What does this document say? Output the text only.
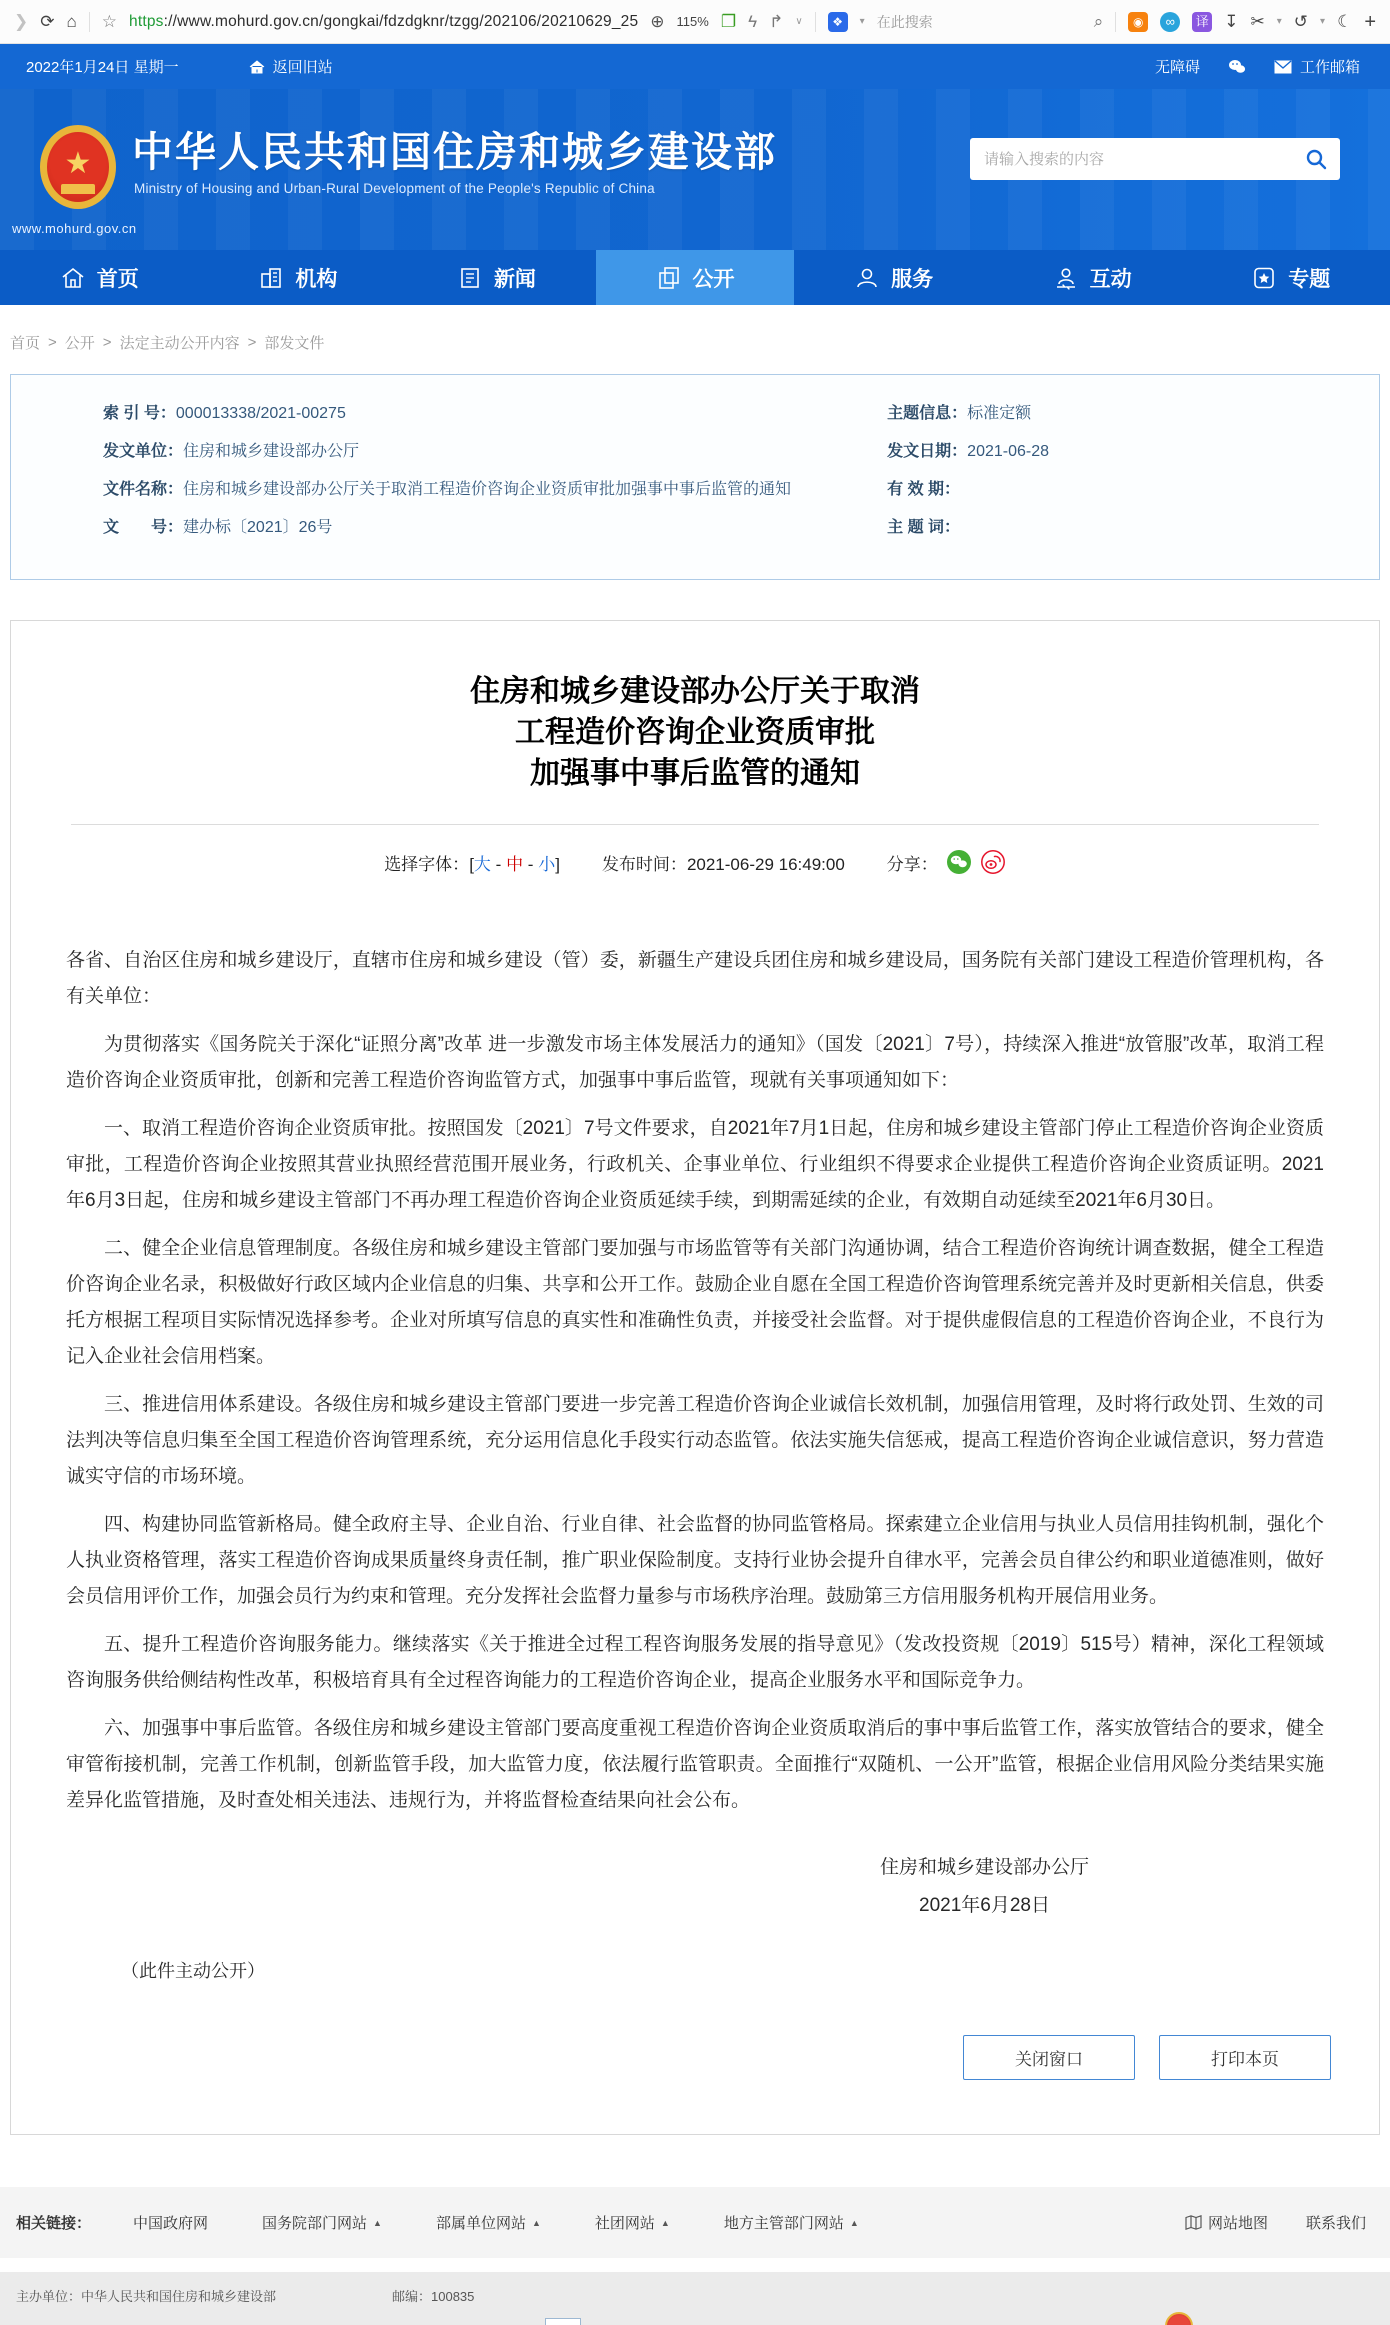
❯ ⟳ ⌂ ☆ https://www.mohurd.gov.cn/gongkai/fdzdgknr/tzgg/202106/20210629_25 ⊕ 115% ❐ ϟ ↱ ∨	❖	▾ 在此搜索	⌕	◉	∞	译 ↧ ✂ ▾ ↺ ▾ ☾ +
2022年1月24日 星期一	返回旧站	无障碍	工作邮箱
★
www.mohurd.gov.cn
中华人民共和国住房和城乡建设部
Ministry of Housing and Urban-Rural Development of the People's Republic of China
请输入搜索的内容
首页	机构	新闻	公开	服务	互动	专题
首页 > 公开 > 法定主动公开内容 > 部发文件
索 引 号：000013338/2021-00275
发文单位：住房和城乡建设部办公厅
文件名称：住房和城乡建设部办公厅关于取消工程造价咨询企业资质审批加强事中事后监管的通知
文　　号：建办标〔2021〕26号
主题信息：标准定额
发文日期：2021-06-28
有 效 期：
主 题 词：
住房和城乡建设部办公厅关于取消
工程造价咨询企业资质审批
加强事中事后监管的通知
选择字体：[大 - 中 - 小] 发布时间：2021-06-29 16:49:00 分享：

各省、自治区住房和城乡建设厅，直辖市住房和城乡建设（管）委，新疆生产建设兵团住房和城乡建设局，国务院有关部门建设工程造价管理机构，各有关单位：

为贯彻落实《国务院关于深化“证照分离”改革 进一步激发市场主体发展活力的通知》（国发〔2021〕7号），持续深入推进“放管服”改革，取消工程造价咨询企业资质审批，创新和完善工程造价咨询监管方式，加强事中事后监管，现就有关事项通知如下：

一、取消工程造价咨询企业资质审批。按照国发〔2021〕7号文件要求，自2021年7月1日起，住房和城乡建设主管部门停止工程造价咨询企业资质审批，工程造价咨询企业按照其营业执照经营范围开展业务，行政机关、企事业单位、行业组织不得要求企业提供工程造价咨询企业资质证明。2021年6月3日起，住房和城乡建设主管部门不再办理工程造价咨询企业资质延续手续，到期需延续的企业，有效期自动延续至2021年6月30日。

二、健全企业信息管理制度。各级住房和城乡建设主管部门要加强与市场监管等有关部门沟通协调，结合工程造价咨询统计调查数据，健全工程造价咨询企业名录，积极做好行政区域内企业信息的归集、共享和公开工作。鼓励企业自愿在全国工程造价咨询管理系统完善并及时更新相关信息，供委托方根据工程项目实际情况选择参考。企业对所填写信息的真实性和准确性负责，并接受社会监督。对于提供虚假信息的工程造价咨询企业，不良行为记入企业社会信用档案。

三、推进信用体系建设。各级住房和城乡建设主管部门要进一步完善工程造价咨询企业诚信长效机制，加强信用管理，及时将行政处罚、生效的司法判决等信息归集至全国工程造价咨询管理系统，充分运用信息化手段实行动态监管。依法实施失信惩戒，提高工程造价咨询企业诚信意识，努力营造诚实守信的市场环境。

四、构建协同监管新格局。健全政府主导、企业自治、行业自律、社会监督的协同监管格局。探索建立企业信用与执业人员信用挂钩机制，强化个人执业资格管理，落实工程造价咨询成果质量终身责任制，推广职业保险制度。支持行业协会提升自律水平，完善会员自律公约和职业道德准则，做好会员信用评价工作，加强会员行为约束和管理。充分发挥社会监督力量参与市场秩序治理。鼓励第三方信用服务机构开展信用业务。

五、提升工程造价咨询服务能力。继续落实《关于推进全过程工程咨询服务发展的指导意见》（发改投资规〔2019〕515号）精神，深化工程领域咨询服务供给侧结构性改革，积极培育具有全过程咨询能力的工程造价咨询企业，提高企业服务水平和国际竞争力。

六、加强事中事后监管。各级住房和城乡建设主管部门要高度重视工程造价咨询企业资质取消后的事中事后监管工作，落实放管结合的要求，健全审管衔接机制，完善工作机制，创新监管手段，加大监管力度，依法履行监管职责。全面推行“双随机、一公开”监管，根据企业信用风险分类结果实施差异化监管措施，及时查处相关违法、违规行为，并将监督检查结果向社会公布。

住房和城乡建设部办公厅
2021年6月28日
（此件主动公开）
关闭窗口	打印本页
相关链接：	中国政府网	国务院部门网站 ▲	部属单位网站 ▲	社团网站 ▲	地方主管部门网站 ▲	网站地图	联系我们
主办单位：中华人民共和国住房和城乡建设部	邮编：100835
